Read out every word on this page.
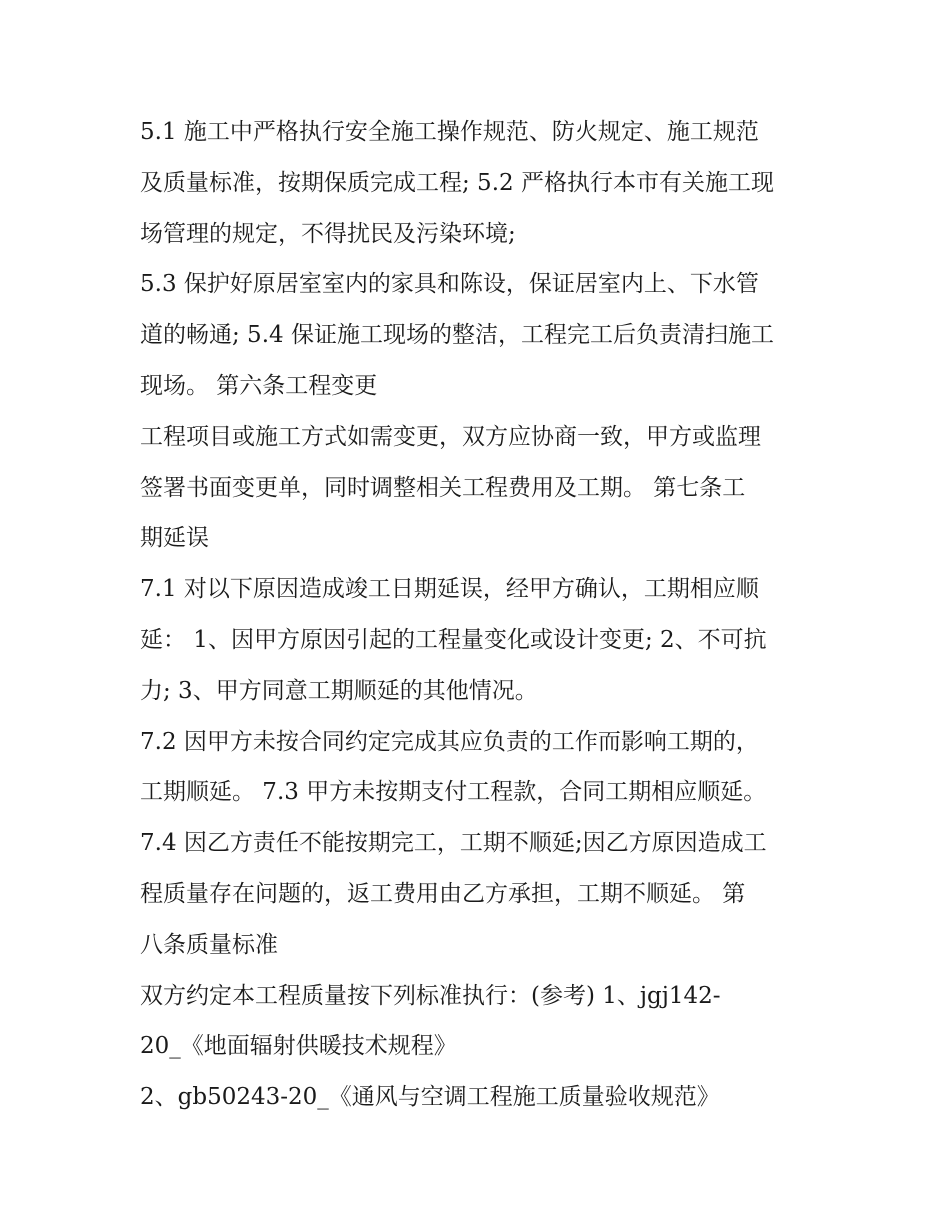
5.1 施工中严格执行安全施工操作规范、防火规定、施工规范
及质量标准，按期保质完成工程; 5.2 严格执行本市有关施工现
场管理的规定，不得扰民及污染环境;
5.3 保护好原居室室内的家具和陈设，保证居室内上、下水管
道的畅通; 5.4 保证施工现场的整洁，工程完工后负责清扫施工
现场。 第六条工程变更
工程项目或施工方式如需变更，双方应协商一致，甲方或监理
签署书面变更单，同时调整相关工程费用及工期。 第七条工
期延误
7.1 对以下原因造成竣工日期延误，经甲方确认，工期相应顺
延： 1、因甲方原因引起的工程量变化或设计变更; 2、不可抗
力; 3、甲方同意工期顺延的其他情况。
7.2 因甲方未按合同约定完成其应负责的工作而影响工期的，
工期顺延。 7.3 甲方未按期支付工程款，合同工期相应顺延。
7.4 因乙方责任不能按期完工，工期不顺延;因乙方原因造成工
程质量存在问题的，返工费用由乙方承担，工期不顺延。 第
八条质量标准
双方约定本工程质量按下列标准执行：(参考) 1、jgj142-
20_《地面辐射供暖技术规程》
2、gb50243-20_《通风与空调工程施工质量验收规范》
